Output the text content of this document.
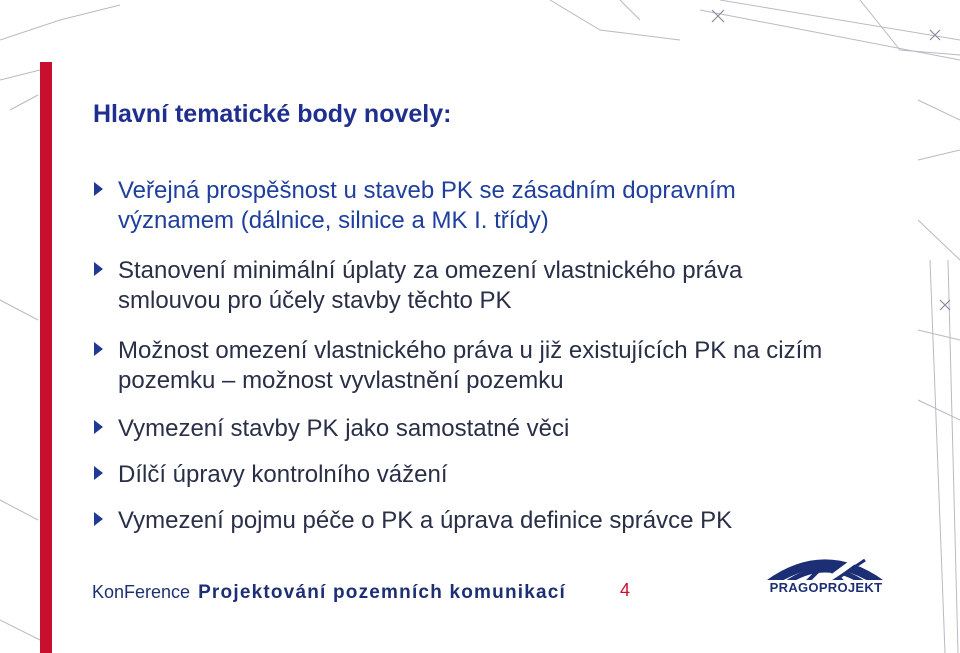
Hlavní tematické body novely:
Veřejná prospěšnost u staveb PK se zásadním dopravním
významem (dálnice, silnice a MK I. třídy)
Stanovení minimální úplaty za omezení vlastnického práva
smlouvou pro účely stavby těchto PK
Možnost omezení vlastnického práva u již existujících PK na cizím
pozemku – možnost vyvlastnění pozemku
Vymezení stavby PK jako samostatné věci
Dílčí úpravy kontrolního vážení
Vymezení pojmu péče o PK a úprava definice správce PK
KonFerence Projektování pozemních komunikací	4	PRAGOPROJEKT
